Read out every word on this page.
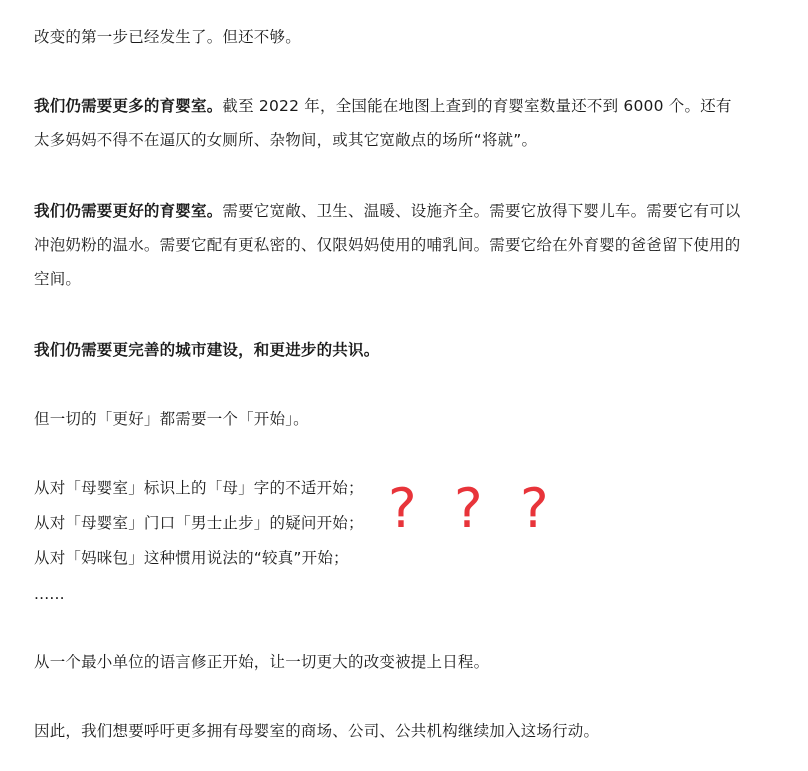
改变的第一步已经发生了。但还不够。

我们仍需要更多的育婴室。截至 2022 年，全国能在地图上查到的育婴室数量还不到 6000 个。还有太多妈妈不得不在逼仄的女厕所、杂物间，或其它宽敞点的场所“将就”。

我们仍需要更好的育婴室。需要它宽敞、卫生、温暖、设施齐全。需要它放得下婴儿车。需要它有可以冲泡奶粉的温水。需要它配有更私密的、仅限妈妈使用的哺乳间。需要它给在外育婴的爸爸留下使用的空间。

我们仍需要更完善的城市建设，和更进步的共识。

但一切的「更好」都需要一个「开始」。

从对「母婴室」标识上的「母」字的不适开始；

从对「母婴室」门口「男士止步」的疑问开始；

从对「妈咪包」这种惯用说法的“较真”开始；

......

从一个最小单位的语言修正开始，让一切更大的改变被提上日程。

因此，我们想要呼吁更多拥有母婴室的商场、公司、公共机构继续加入这场行动。

? ? ?
